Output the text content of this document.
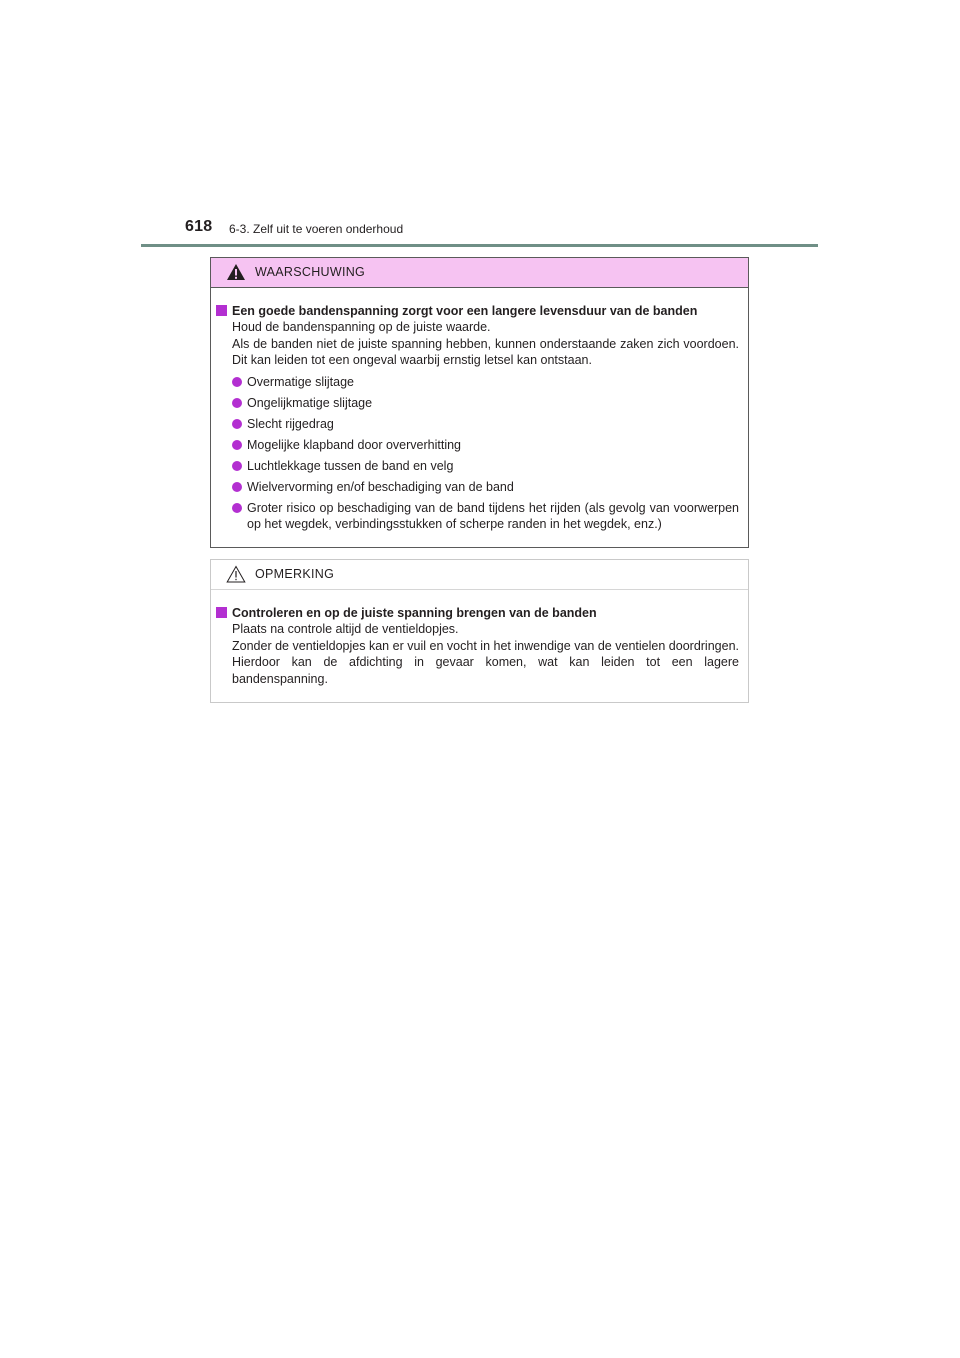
618 6-3. Zelf uit te voeren onderhoud
WAARSCHUWING
Een goede bandenspanning zorgt voor een langere levensduur van de banden
Houd de bandenspanning op de juiste waarde.
Als de banden niet de juiste spanning hebben, kunnen onderstaande zaken zich voordoen. Dit kan leiden tot een ongeval waarbij ernstig letsel kan ontstaan.
Overmatige slijtage
Ongelijkmatige slijtage
Slecht rijgedrag
Mogelijke klapband door oververhitting
Luchtlekkage tussen de band en velg
Wielvervorming en/of beschadiging van de band
Groter risico op beschadiging van de band tijdens het rijden (als gevolg van voorwerpen op het wegdek, verbindingsstukken of scherpe randen in het wegdek, enz.)
OPMERKING
Controleren en op de juiste spanning brengen van de banden
Plaats na controle altijd de ventieldopjes.
Zonder de ventieldopjes kan er vuil en vocht in het inwendige van de ventielen doordringen. Hierdoor kan de afdichting in gevaar komen, wat kan leiden tot een lagere bandenspanning.
